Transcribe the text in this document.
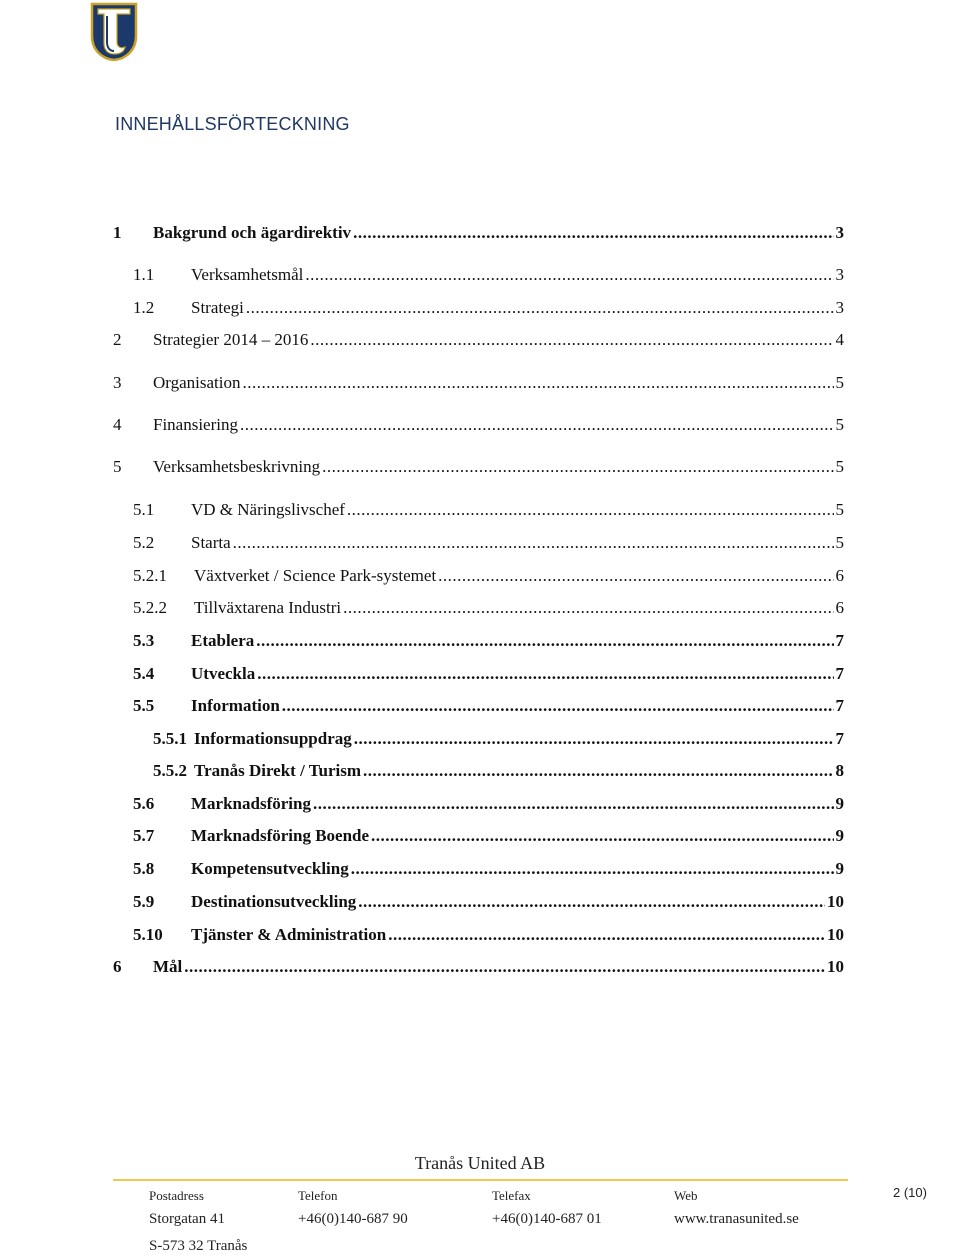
INNEHÅLLSFÖRTECKNING
1	Bakgrund och ägardirektiv .....	3
1.1	Verksamhetsmål .....	3
1.2	Strategi .....	3
2	Strategier 2014 – 2016 .....	4
3	Organisation .....	5
4	Finansiering .....	5
5	Verksamhetsbeskrivning .....	5
5.1	VD & Näringslivschef .....	5
5.2	Starta .....	5
5.2.1	Växtverket / Science Park-systemet .....	6
5.2.2	Tillväxtarena Industri .....	6
5.3	Etablera .....	7
5.4	Utveckla .....	7
5.5	Information .....	7
5.5.1 Informationsuppdrag .....	7
5.5.2 Tranås Direkt / Turism .....	8
5.6	Marknadsföring .....	9
5.7	Marknadsföring Boende .....	9
5.8	Kompetensutveckling .....	9
5.9	Destinationsutveckling .....	10
5.10	Tjänster & Administration .....	10
6	Mål .....	10
Tranås United AB
Postadress	Telefon	Telefax	Web
Storgatan 41	+46(0)140-687 90	+46(0)140-687 01	www.tranasunited.se
S-573 32 Tranås
2 (10)
